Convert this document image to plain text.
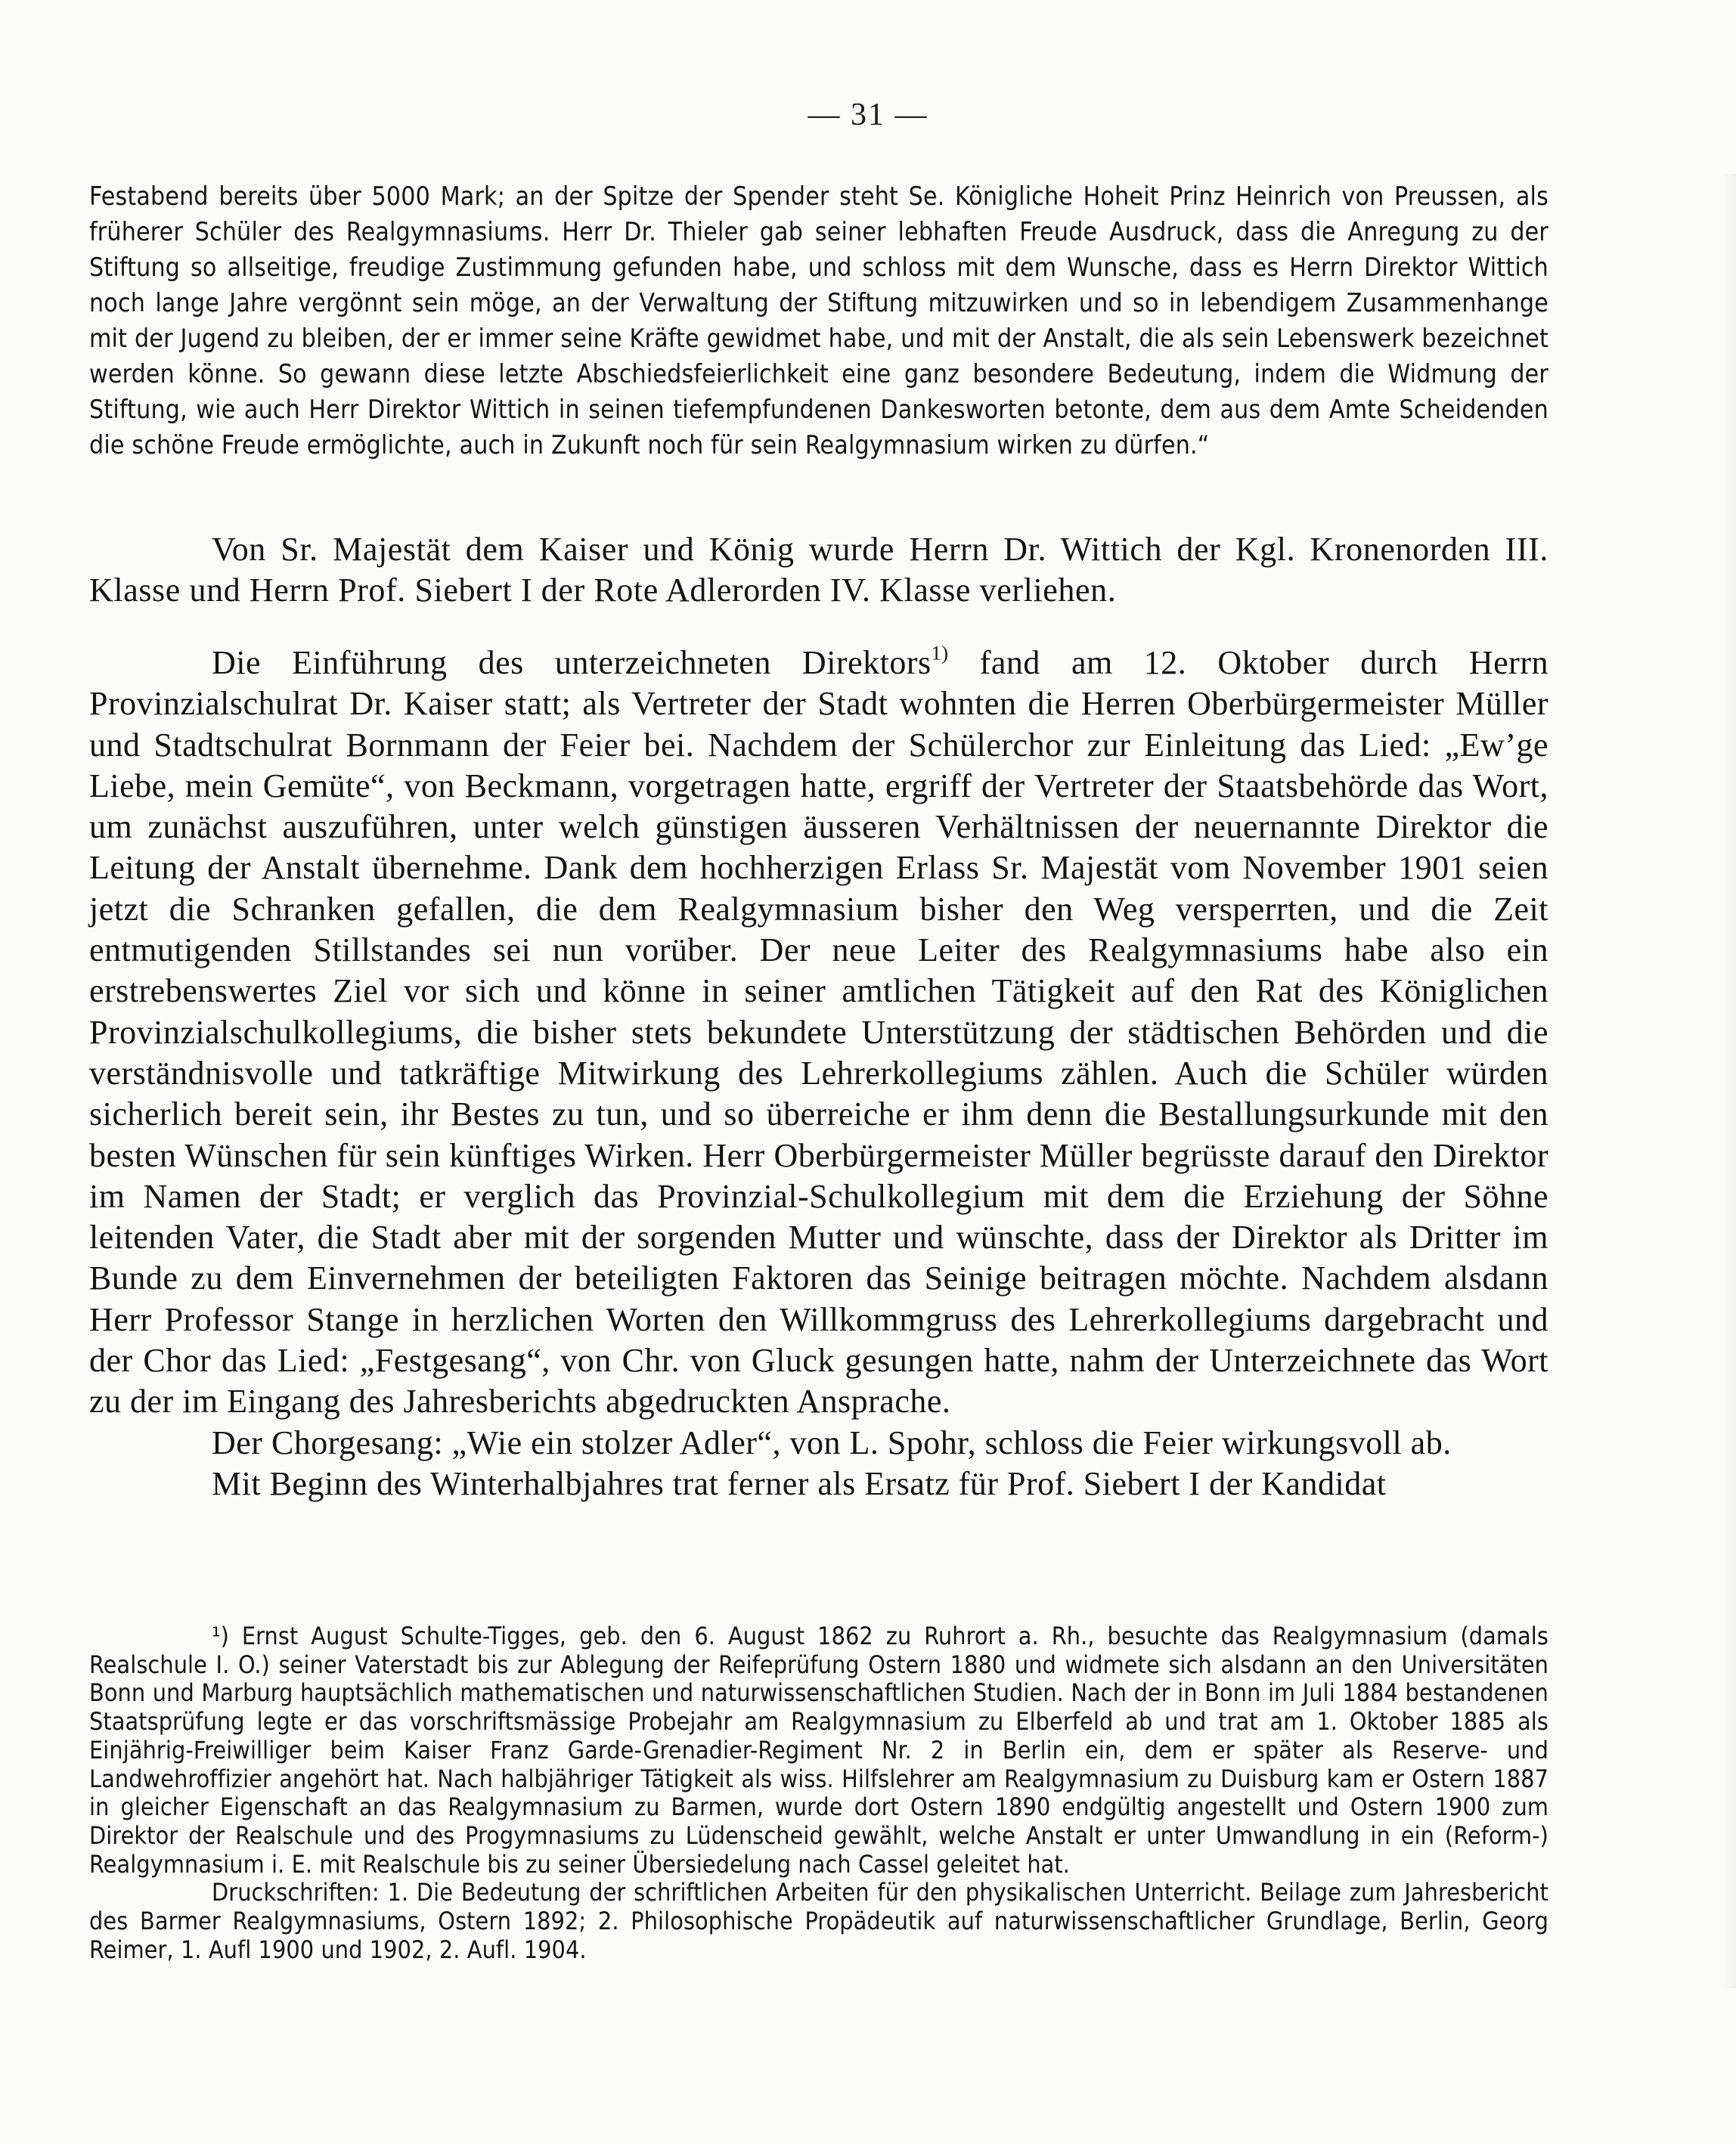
— 31 —

Festabend bereits über 5000 Mark; an der Spitze der Spender steht Se. Königliche Hoheit Prinz Heinrich von Preussen, als früherer Schüler des Realgymnasiums. Herr Dr. Thieler gab seiner lebhaften Freude Ausdruck, dass die Anregung zu der Stiftung so allseitige, freudige Zustimmung gefunden habe, und schloss mit dem Wunsche, dass es Herrn Direktor Wittich noch lange Jahre vergönnt sein möge, an der Verwaltung der Stiftung mitzuwirken und so in lebendigem Zusammenhange mit der Jugend zu bleiben, der er immer seine Kräfte gewidmet habe, und mit der Anstalt, die als sein Lebenswerk bezeichnet werden könne. So gewann diese letzte Abschiedsfeierlichkeit eine ganz besondere Bedeutung, indem die Widmung der Stiftung, wie auch Herr Direktor Wittich in seinen tiefempfundenen Dankesworten betonte, dem aus dem Amte Scheidenden die schöne Freude ermöglichte, auch in Zukunft noch für sein Realgymnasium wirken zu dürfen.“

Von Sr. Majestät dem Kaiser und König wurde Herrn Dr. Wittich der Kgl. Kronenorden III. Klasse und Herrn Prof. Siebert I der Rote Adlerorden IV. Klasse verliehen.

Die Einführung des unterzeichneten Direktors$^{1)}$ fand am 12. Oktober durch Herrn Provinzialschulrat Dr. Kaiser statt; als Vertreter der Stadt wohnten die Herren Oberbürgermeister Müller und Stadtschulrat Bornmann der Feier bei. Nachdem der Schülerchor zur Einleitung das Lied: „Ew’ge Liebe, mein Gemüte“, von Beckmann, vorgetragen hatte, ergriff der Vertreter der Staatsbehörde das Wort, um zunächst auszuführen, unter welch günstigen äusseren Verhältnissen der neuernannte Direktor die Leitung der Anstalt übernehme. Dank dem hochherzigen Erlass Sr. Majestät vom November 1901 seien jetzt die Schranken gefallen, die dem Realgymnasium bisher den Weg versperrten, und die Zeit entmutigenden Stillstandes sei nun vorüber. Der neue Leiter des Realgymnasiums habe also ein erstrebenswertes Ziel vor sich und könne in seiner amtlichen Tätigkeit auf den Rat des Königlichen Provinzialschulkollegiums, die bisher stets bekundete Unterstützung der städtischen Behörden und die verständnisvolle und tatkräftige Mitwirkung des Lehrerkollegiums zählen. Auch die Schüler würden sicherlich bereit sein, ihr Bestes zu tun, und so überreiche er ihm denn die Bestallungsurkunde mit den besten Wünschen für sein künftiges Wirken. Herr Oberbürgermeister Müller begrüsste darauf den Direktor im Namen der Stadt; er verglich das Provinzial-Schulkollegium mit dem die Erziehung der Söhne leitenden Vater, die Stadt aber mit der sorgenden Mutter und wünschte, dass der Direktor als Dritter im Bunde zu dem Einvernehmen der beteiligten Faktoren das Seinige beitragen möchte. Nachdem alsdann Herr Professor Stange in herzlichen Worten den Willkommgruss des Lehrerkollegiums dargebracht und der Chor das Lied: „Festgesang“, von Chr. von Gluck gesungen hatte, nahm der Unterzeichnete das Wort zu der im Eingang des Jahresberichts abgedruckten Ansprache.

Der Chorgesang: „Wie ein stolzer Adler“, von L. Spohr, schloss die Feier wirkungsvoll ab.

Mit Beginn des Winterhalbjahres trat ferner als Ersatz für Prof. Siebert I der Kandidat

¹) Ernst August Schulte-Tigges, geb. den 6. August 1862 zu Ruhrort a. Rh., besuchte das Realgymnasium (damals Realschule I. O.) seiner Vaterstadt bis zur Ablegung der Reifeprüfung Ostern 1880 und widmete sich alsdann an den Universitäten Bonn und Marburg hauptsächlich mathematischen und naturwissenschaftlichen Studien. Nach der in Bonn im Juli 1884 bestandenen Staatsprüfung legte er das vorschriftsmässige Probejahr am Realgymnasium zu Elberfeld ab und trat am 1. Oktober 1885 als Einjährig-Freiwilliger beim Kaiser Franz Garde-Grenadier-Regiment Nr. 2 in Berlin ein, dem er später als Reserve- und Landwehroffizier angehört hat. Nach halbjähriger Tätigkeit als wiss. Hilfslehrer am Realgymnasium zu Duisburg kam er Ostern 1887 in gleicher Eigenschaft an das Realgymnasium zu Barmen, wurde dort Ostern 1890 endgültig angestellt und Ostern 1900 zum Direktor der Realschule und des Progymnasiums zu Lüdenscheid gewählt, welche Anstalt er unter Umwandlung in ein (Reform-) Realgymnasium i. E. mit Realschule bis zu seiner Übersiedelung nach Cassel geleitet hat.

Druckschriften: 1. Die Bedeutung der schriftlichen Arbeiten für den physikalischen Unterricht. Beilage zum Jahresbericht des Barmer Realgymnasiums, Ostern 1892; 2. Philosophische Propädeutik auf naturwissenschaftlicher Grundlage, Berlin, Georg Reimer, 1. Aufl 1900 und 1902, 2. Aufl. 1904.
